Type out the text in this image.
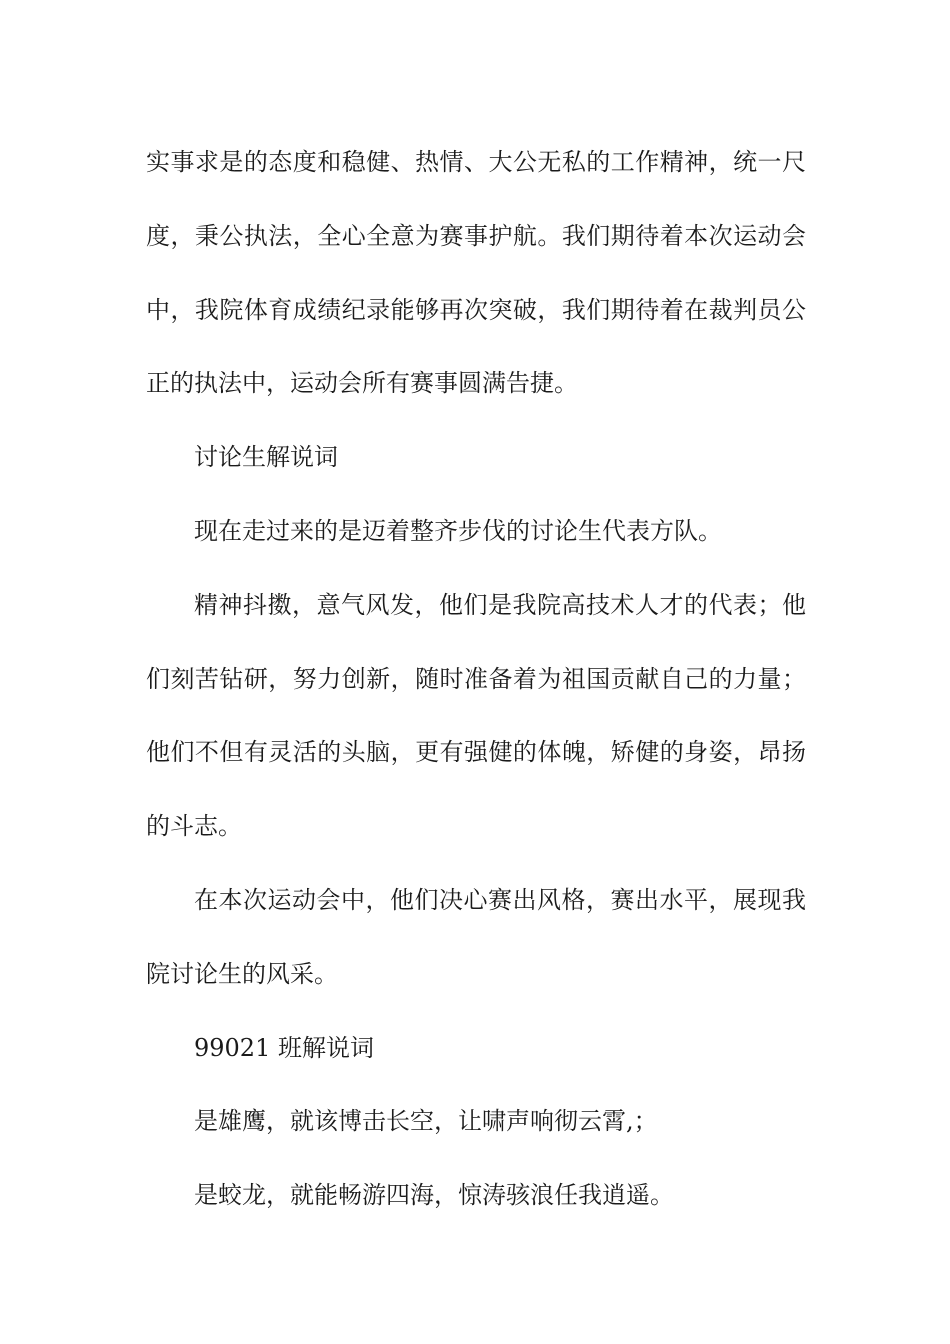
实事求是的态度和稳健、热情、大公无私的工作精神，统一尺度，秉公执法，全心全意为赛事护航。我们期待着本次运动会中，我院体育成绩纪录能够再次突破，我们期待着在裁判员公正的执法中，运动会所有赛事圆满告捷。

讨论生解说词

现在走过来的是迈着整齐步伐的讨论生代表方队。

精神抖擞，意气风发，他们是我院高技术人才的代表；他们刻苦钻研，努力创新，随时准备着为祖国贡献自己的力量；他们不但有灵活的头脑，更有强健的体魄，矫健的身姿，昂扬的斗志。

在本次运动会中，他们决心赛出风格，赛出水平，展现我院讨论生的风采。

99021 班解说词

是雄鹰，就该博击长空，让啸声响彻云霄,；

是蛟龙，就能畅游四海，惊涛骇浪任我逍遥。
